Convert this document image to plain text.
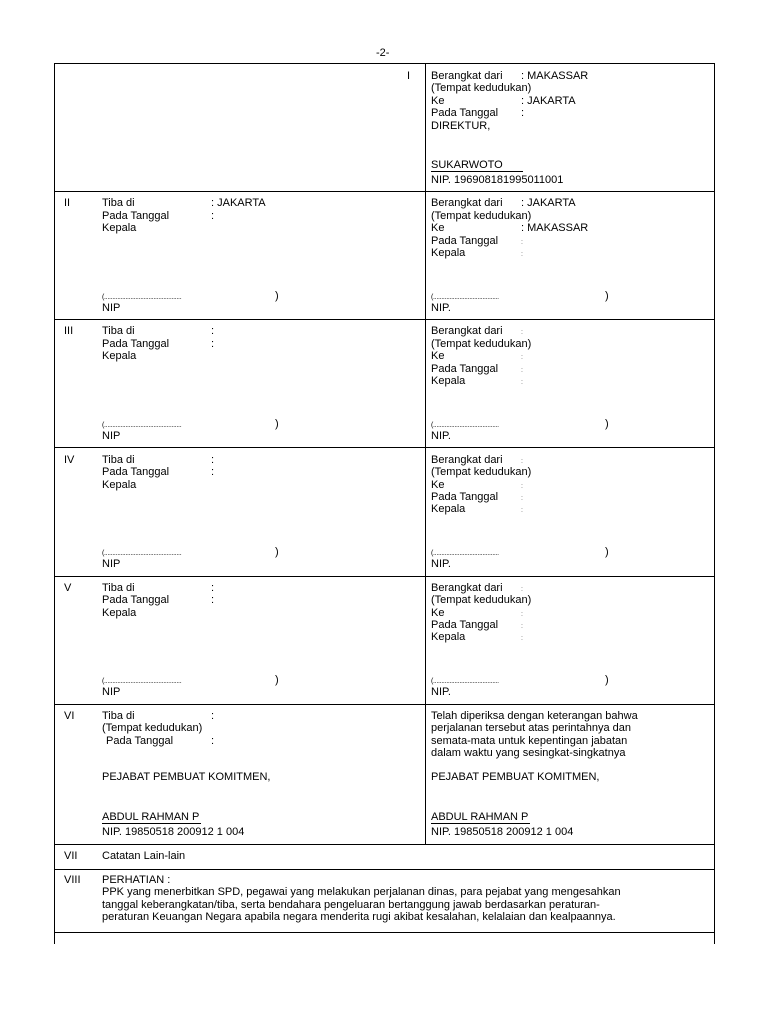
-2-
I Berangkat dari : MAKASSAR
(Tempat kedudukan)
Ke	: JAKARTA
Pada Tanggal :
DIREKTUR,
SUKARWOTO
NIP. 196908181995011001
II	Tiba di	: JAKARTA
Pada Tanggal	:
Kepala
(...............................................	)
NIP
Berangkat dari : JAKARTA
(Tempat kedudukan)
Ke	: MAKASSAR
Pada Tanggal	:
Kepala	:
(........................................	)
NIP.
III	Tiba di	:
Pada Tanggal	:
Kepala
(...............................................	)
NIP
Berangkat dari	:
(Tempat kedudukan)
Ke	:
Pada Tanggal	:
Kepala	:
(........................................	)
NIP.
IV	Tiba di	:
Pada Tanggal	:
Kepala
(...............................................	)
NIP
Berangkat dari	:
(Tempat kedudukan)
Ke	:
Pada Tanggal	:
Kepala	:
(........................................	)
NIP.
V	Tiba di	:
Pada Tanggal	:
Kepala
(...............................................	)
NIP
Berangkat dari	:
(Tempat kedudukan)
Ke	:
Pada Tanggal	:
Kepala	:
(........................................	)
NIP.
VI	Tiba di	:
(Tempat kedudukan)
Pada Tanggal	:
PEJABAT PEMBUAT KOMITMEN,
ABDUL RAHMAN P
NIP. 19850518 200912 1 004
Telah diperiksa dengan keterangan bahwa
perjalanan tersebut atas perintahnya dan
semata-mata untuk kepentingan jabatan
dalam waktu yang sesingkat-singkatnya
PEJABAT PEMBUAT KOMITMEN,
ABDUL RAHMAN P
NIP. 19850518 200912 1 004
VII Catatan Lain-lain
VIII PERHATIAN :
PPK yang menerbitkan SPD, pegawai yang melakukan perjalanan dinas, para pejabat yang mengesahkan
tanggal keberangkatan/tiba, serta bendahara pengeluaran bertanggung jawab berdasarkan peraturan-
peraturan Keuangan Negara apabila negara menderita rugi akibat kesalahan, kelalaian dan kealpaannya.
